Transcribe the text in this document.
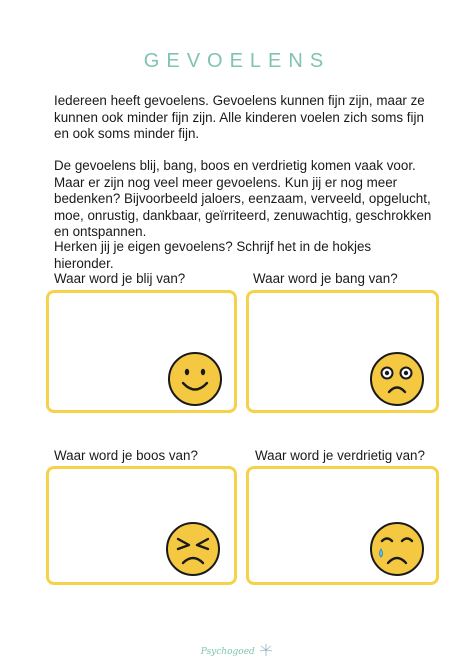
GEVOELENS

Iedereen heeft gevoelens. Gevoelens kunnen fijn zijn, maar ze kunnen ook minder fijn zijn. Alle kinderen voelen zich soms fijn en ook soms minder fijn.

De gevoelens blij, bang, boos en verdrietig komen vaak voor. Maar er zijn nog veel meer gevoelens. Kun jij er nog meer bedenken? Bijvoorbeeld jaloers, eenzaam, verveeld, opgelucht, moe, onrustig, dankbaar, geïrriteerd, zenuwachtig, geschrokken en ontspannen.

Herken jij je eigen gevoelens? Schrijf het in de hokjes hieronder.

Waar word je blij van?	Waar word je bang van?
Waar word je boos van?	Waar word je verdrietig van?
Psychogoed
